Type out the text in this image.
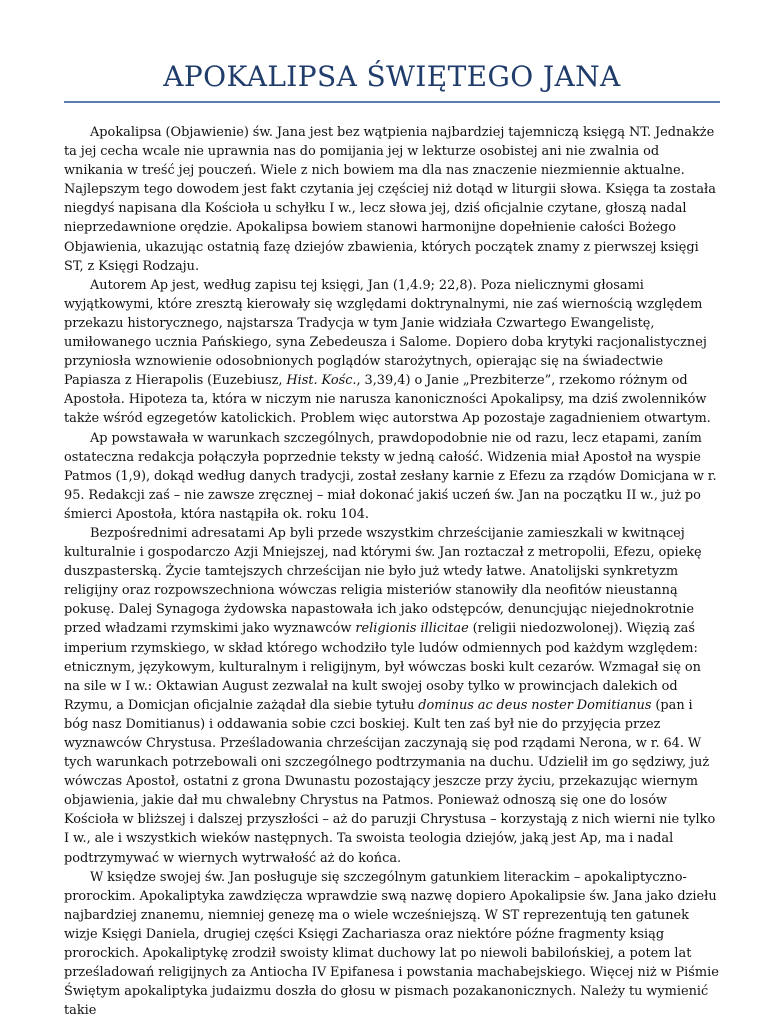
APOKALIPSA ŚWIĘTEGO JANA

Apokalipsa (Objawienie) św. Jana jest bez wątpienia najbardziej tajemniczą księgą NT. Jednakże ta jej cecha wcale nie uprawnia nas do pomijania jej w lekturze osobistej ani nie zwalnia od wnikania w treść jej pouczeń. Wiele z nich bowiem ma dla nas znaczenie niezmiennie aktualne. Najlepszym tego dowodem jest fakt czytania jej częściej niż dotąd w liturgii słowa. Księga ta została niegdyś napisana dla Kościoła u schyłku I w., lecz słowa jej, dziś oficjalnie czytane, głoszą nadal nieprzedawnione orędzie. Apokalipsa bowiem stanowi harmonijne dopełnienie całości Bożego Objawienia, ukazując ostatnią fazę dziejów zbawienia, których początek znamy z pierwszej księgi ST, z Księgi Rodzaju.

Autorem Ap jest, według zapisu tej księgi, Jan (1,4.9; 22,8). Poza nielicznymi głosami wyjątkowymi, które zresztą kierowały się względami doktrynalnymi, nie zaś wiernością względem przekazu historycznego, najstarsza Tradycja w tym Janie widziała Czwartego Ewangelistę, umiłowanego ucznia Pańskiego, syna Zebedeusza i Salome. Dopiero doba krytyki racjonalistycznej przyniosła wznowienie odosobnionych poglądów starożytnych, opierając się na świadectwie Papiasza z Hierapolis (Euzebiusz, Hist. Kośc., 3,39,4) o Janie „Prezbiterze”, rzekomo różnym od Apostoła. Hipoteza ta, która w niczym nie narusza kanoniczności Apokalipsy, ma dziś zwolenników także wśród egzegetów katolickich. Problem więc autorstwa Ap pozostaje zagadnieniem otwartym.

Ap powstawała w warunkach szczególnych, prawdopodobnie nie od razu, lecz etapami, zaním ostateczna redakcja połączyła poprzednie teksty w jedną całość. Widzenia miał Apostoł na wyspie Patmos (1,9), dokąd według danych tradycji, został zesłany karnie z Efezu za rządów Domicjana w r. 95. Redakcji zaś – nie zawsze zręcznej – miał dokonać jakiś uczeń św. Jan na początku II w., już po śmierci Apostoła, która nastąpiła ok. roku 104.

Bezpośrednimi adresatami Ap byli przede wszystkim chrześcijanie zamieszkali w kwitnącej kulturalnie i gospodarczo Azji Mniejszej, nad którymi św. Jan roztaczał z metropolii, Efezu, opiekę duszpasterską. Życie tamtejszych chrześcijan nie było już wtedy łatwe. Anatolijski synkretyzm religijny oraz rozpowszechniona wówczas religia misteriów stanowiły dla neofitów nieustanną pokusę. Dalej Synagoga żydowska napastowała ich jako odstępców, denuncjując niejednokrotnie przed władzami rzymskimi jako wyznawców religionis illicitae (religii niedozwolonej). Więzią zaś imperium rzymskiego, w skład którego wchodziło tyle ludów odmiennych pod każdym względem: etnicznym, językowym, kulturalnym i religijnym, był wówczas boski kult cezarów. Wzmagał się on na sile w I w.: Oktawian August zezwalał na kult swojej osoby tylko w prowincjach dalekich od Rzymu, a Domicjan oficjalnie zażądał dla siebie tytułu dominus ac deus noster Domitianus (pan i bóg nasz Domitianus) i oddawania sobie czci boskiej. Kult ten zaś był nie do przyjęcia przez wyznawców Chrystusa. Prześladowania chrześcijan zaczynają się pod rządami Nerona, w r. 64. W tych warunkach potrzebowali oni szczególnego podtrzymania na duchu. Udzielił im go sędziwy, już wówczas Apostoł, ostatni z grona Dwunastu pozostający jeszcze przy życiu, przekazując wiernym objawienia, jakie dał mu chwalebny Chrystus na Patmos. Ponieważ odnoszą się one do losów Kościoła w bliższej i dalszej przyszłości – aż do paruzji Chrystusa – korzystają z nich wierni nie tylko I w., ale i wszystkich wieków następnych. Ta swoista teologia dziejów, jaką jest Ap, ma i nadal podtrzymywać w wiernych wytrwałość aż do końca.

W księdze swojej św. Jan posługuje się szczególnym gatunkiem literackim – apokaliptyczno-prorockim. Apokaliptyka zawdzięcza wprawdzie swą nazwę dopiero Apokalipsie św. Jana jako dziełu najbardziej znanemu, niemniej genezę ma o wiele wcześniejszą. W ST reprezentują ten gatunek wizje Księgi Daniela, drugiej części Księgi Zachariasza oraz niektóre późne fragmenty ksiąg prorockich. Apokaliptykę zrodził swoisty klimat duchowy lat po niewoli babilońskiej, a potem lat prześladowań religijnych za Antiocha IV Epifanesa i powstania machabejskiego. Więcej niż w Piśmie Świętym apokaliptyka judaizmu doszła do głosu w pismach pozakanonicznych. Należy tu wymienić takie
